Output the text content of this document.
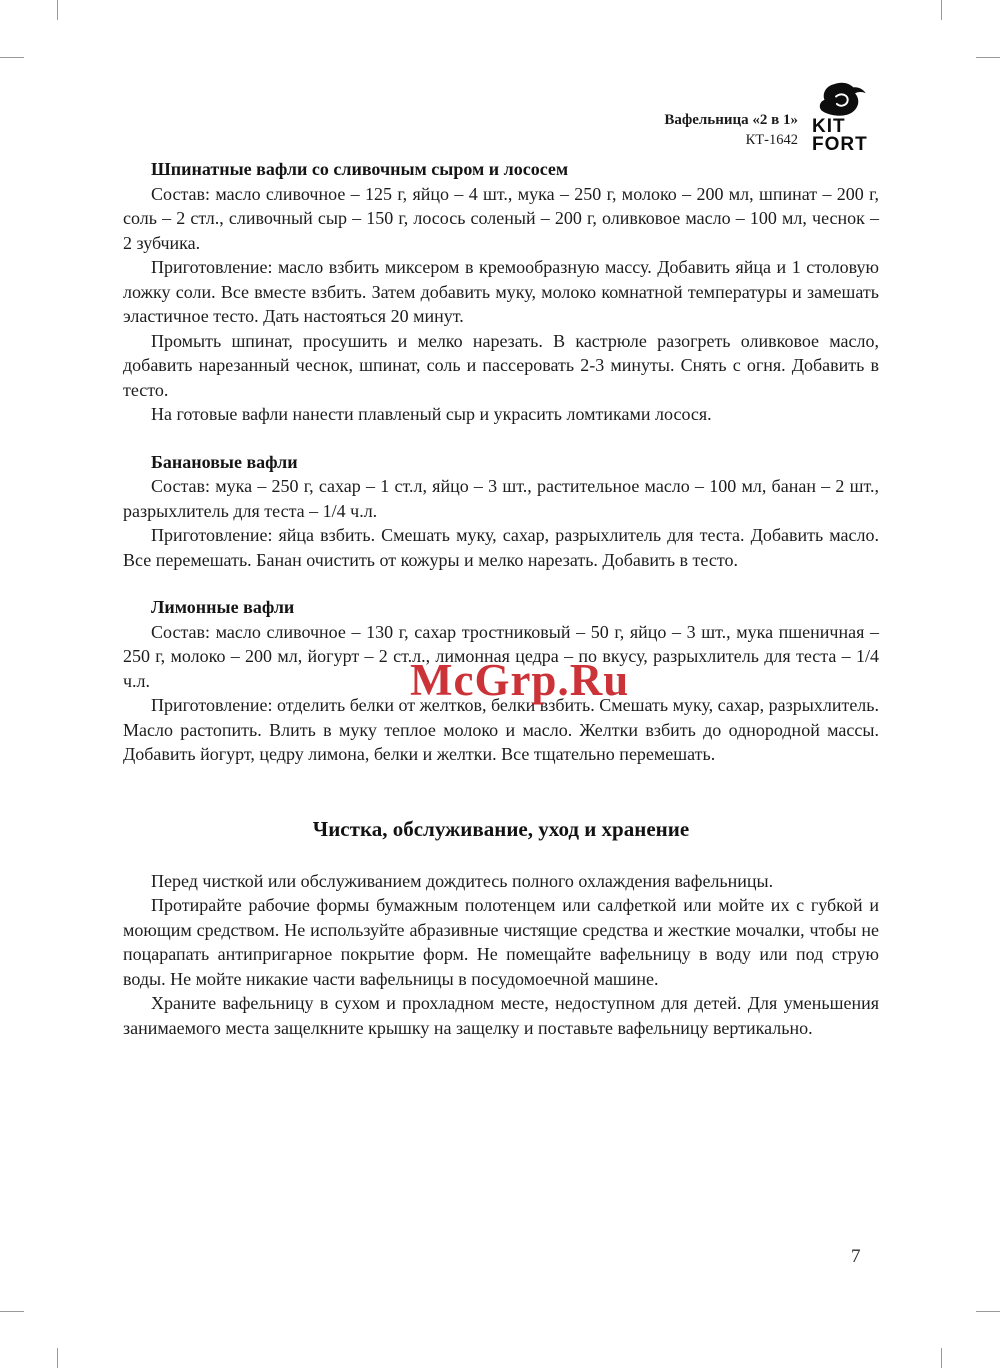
Вафельница «2 в 1»
КТ-1642
KIT
FORT
Шпинатные вафли со сливочным сыром и лососем

Состав: масло сливочное – 125 г, яйцо – 4 шт., мука – 250 г, молоко – 200 мл, шпинат – 200 г, соль – 2 стл., сливочный сыр – 150 г, лосось соленый – 200 г, оливковое масло – 100 мл, чеснок – 2 зубчика.

Приготовление: масло взбить миксером в кремообразную массу. Добавить яйца и 1 столовую ложку соли. Все вместе взбить. Затем добавить муку, молоко комнатной температуры и замешать эластичное тесто. Дать настояться 20 минут.

Промыть шпинат, просушить и мелко нарезать. В кастрюле разогреть оливковое масло, добавить нарезанный чеснок, шпинат, соль и пассеровать 2-3 минуты. Снять с огня. Добавить в тесто.

На готовые вафли нанести плавленый сыр и украсить ломтиками лосося.

Банановые вафли

Состав: мука – 250 г, сахар – 1 ст.л, яйцо – 3 шт., растительное масло – 100 мл, банан – 2 шт., разрыхлитель для теста – 1/4 ч.л.

Приготовление: яйца взбить. Смешать муку, сахар, разрыхлитель для теста. Добавить масло. Все перемешать. Банан очистить от кожуры и мелко нарезать. Добавить в тесто.

Лимонные вафли

Состав: масло сливочное – 130 г, сахар тростниковый – 50 г, яйцо – 3 шт., мука пшеничная – 250 г, молоко – 200 мл, йогурт – 2 ст.л., лимонная цедра – по вкусу, разрыхлитель для теста – 1/4 ч.л.

Приготовление: отделить белки от желтков, белки взбить. Смешать муку, сахар, разрыхлитель. Масло растопить. Влить в муку теплое молоко и масло. Желтки взбить до однородной массы. Добавить йогурт, цедру лимона, белки и желтки. Все тщательно перемешать.

Чистка, обслуживание, уход и хранение

Перед чисткой или обслуживанием дождитесь полного охлаждения вафельницы.

Протирайте рабочие формы бумажным полотенцем или салфеткой или мойте их с губкой и моющим средством. Не используйте абразивные чистящие средства и жесткие мочалки, чтобы не поцарапать антипригарное покрытие форм. Не помещайте вафельницу в воду или под струю воды. Не мойте никакие части вафельницы в посудомоечной машине.

Храните вафельницу в сухом и прохладном месте, недоступном для детей. Для уменьшения занимаемого места защелкните крышку на защелку и поставьте вафельницу вертикально.

McGrp.Ru
7
